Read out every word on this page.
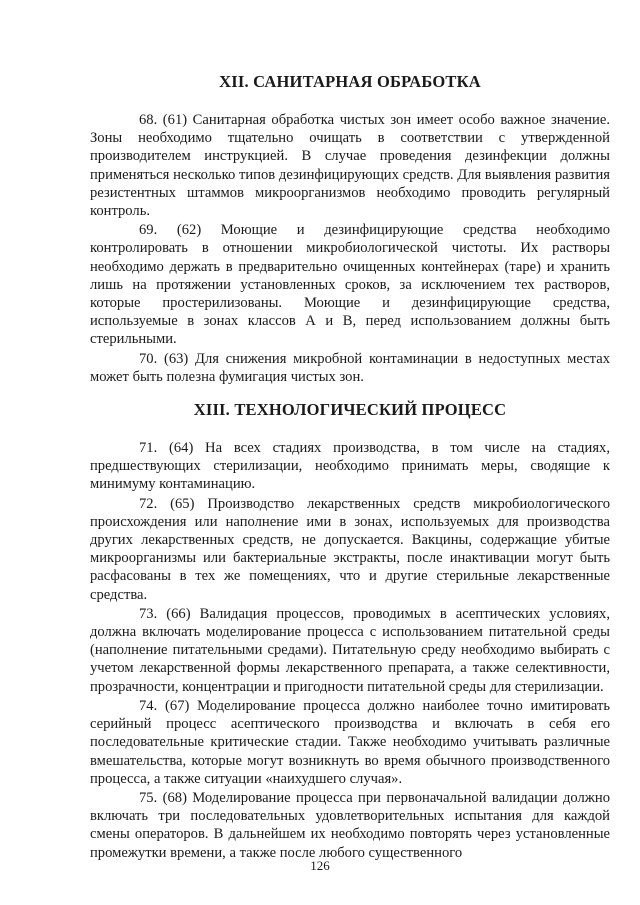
XII. САНИТАРНАЯ ОБРАБОТКА

68. (61) Санитарная обработка чистых зон имеет особо важное значение. Зоны необходимо тщательно очищать в соответствии с утвержденной производителем инструкцией. В случае проведения дезинфекции должны применяться несколько типов дезинфицирующих средств. Для выявления развития резистентных штаммов микроорганизмов необходимо проводить регулярный контроль.

69. (62) Моющие и дезинфицирующие средства необходимо контролировать в отношении микробиологической чистоты. Их растворы необходимо держать в предварительно очищенных контейнерах (таре) и хранить лишь на протяжении установленных сроков, за исключением тех растворов, которые простерилизованы. Моющие и дезинфицирующие средства, используемые в зонах классов А и В, перед использованием должны быть стерильными.

70. (63) Для снижения микробной контаминации в недоступных местах может быть полезна фумигация чистых зон.

XIII. ТЕХНОЛОГИЧЕСКИЙ ПРОЦЕСС

71. (64) На всех стадиях производства, в том числе на стадиях, предшествующих стерилизации, необходимо принимать меры, сводящие к минимуму контаминацию.

72. (65) Производство лекарственных средств микробиологического происхождения или наполнение ими в зонах, используемых для производства других лекарственных средств, не допускается. Вакцины, содержащие убитые микроорганизмы или бактериальные экстракты, после инактивации могут быть расфасованы в тех же помещениях, что и другие стерильные лекарственные средства.

73. (66) Валидация процессов, проводимых в асептических условиях, должна включать моделирование процесса с использованием питательной среды (наполнение питательными средами). Питательную среду необходимо выбирать с учетом лекарственной формы лекарственного препарата, а также селективности, прозрачности, концентрации и пригодности питательной среды для стерилизации.

74. (67) Моделирование процесса должно наиболее точно имитировать серийный процесс асептического производства и включать в себя его последовательные критические стадии. Также необходимо учитывать различные вмешательства, которые могут возникнуть во время обычного производственного процесса, а также ситуации «наихудшего случая».

75. (68) Моделирование процесса при первоначальной валидации должно включать три последовательных удовлетворительных испытания для каждой смены операторов. В дальнейшем их необходимо повторять через установленные промежутки времени, а также после любого существенного

126
